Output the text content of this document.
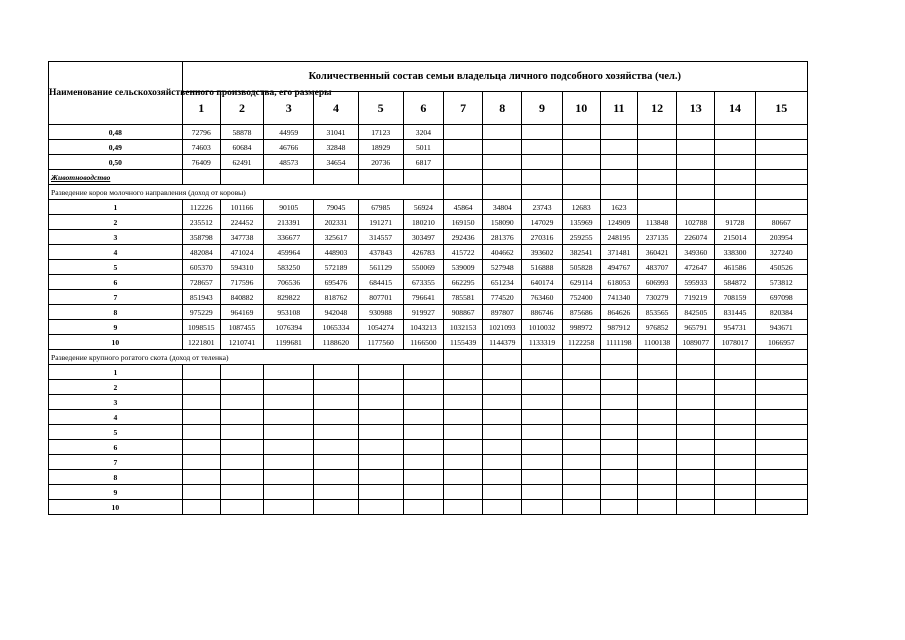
Наименование сельскохозяйственного производства, его размеры	Количественный состав семьи владельца личного подсобного хозяйства (чел.)														
	1	2	3	4	5	6	7	8	9	10	11	12	13	14	15
0,48	72796	58878	44959	31041	17123	3204									
0,49	74603	60684	46766	32848	18929	5011									
0,50	76409	62491	48573	34654	20736	6817									
Животноводство															
Разведение коров молочного направления (доход от коровы)															
1	112226	101166	90105	79045	67985	56924	45864	34804	23743	12683	1623				
2	235512	224452	213391	202331	191271	180210	169150	158090	147029	135969	124909	113848	102788	91728	80667
3	358798	347738	336677	325617	314557	303497	292436	281376	270316	259255	248195	237135	226074	215014	203954
4	482084	471024	459964	448903	437843	426783	415722	404662	393602	382541	371481	360421	349360	338300	327240
5	605370	594310	583250	572189	561129	550069	539009	527948	516888	505828	494767	483707	472647	461586	450526
6	728657	717596	706536	695476	684415	673355	662295	651234	640174	629114	618053	606993	595933	584872	573812
7	851943	840882	829822	818762	807701	796641	785581	774520	763460	752400	741340	730279	719219	708159	697098
8	975229	964169	953108	942048	930988	919927	908867	897807	886746	875686	864626	853565	842505	831445	820384
9	1098515	1087455	1076394	1065334	1054274	1043213	1032153	1021093	1010032	998972	987912	976852	965791	954731	943671
10	1221801	1210741	1199681	1188620	1177560	1166500	1155439	1144379	1133319	1122258	1111198	1100138	1089077	1078017	1066957
Разведение крупного рогатого скота (доход от теленка)															
1															
2															
3															
4															
5															
6															
7															
8															
9															
10															
